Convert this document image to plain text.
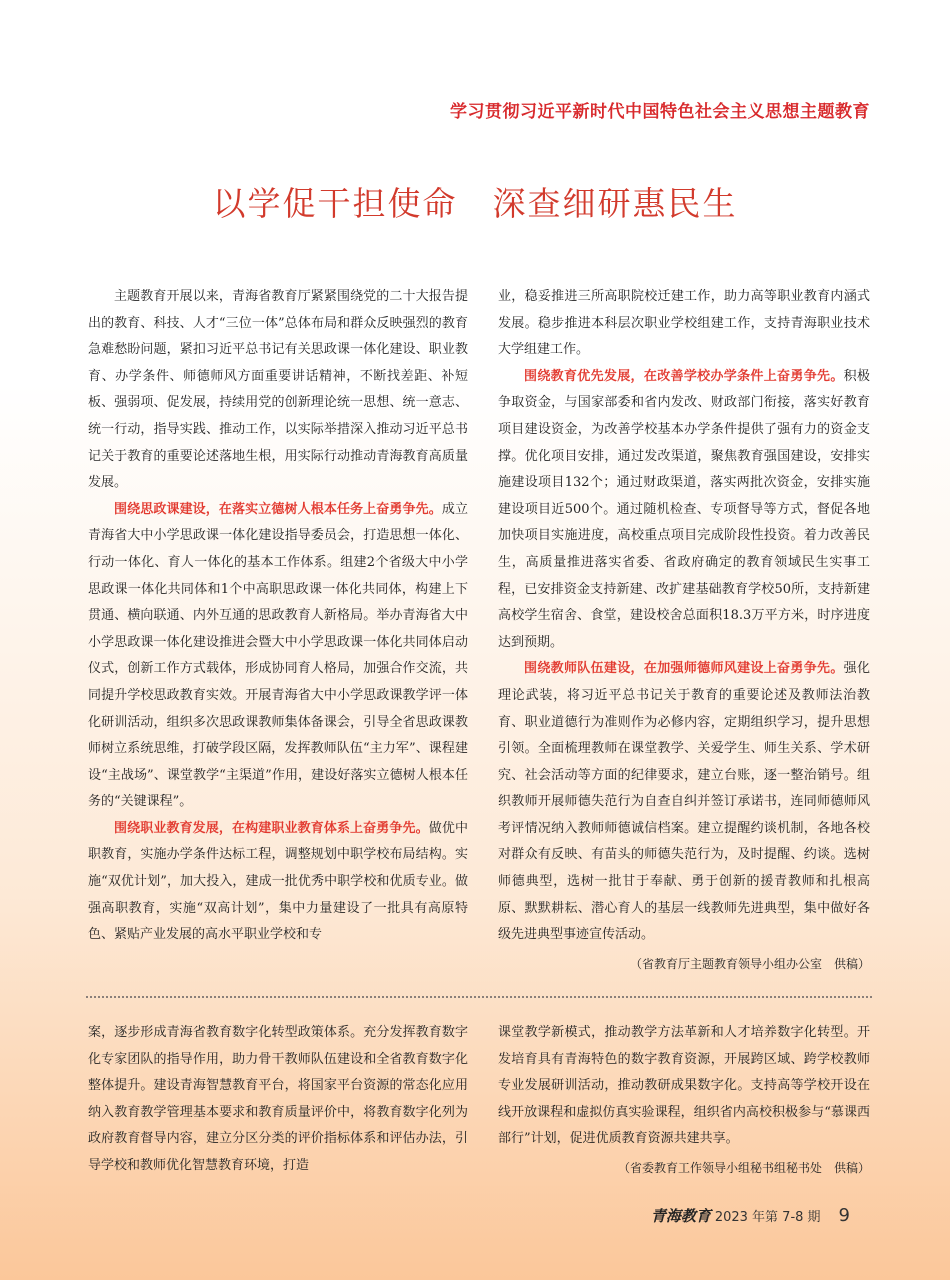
学习贯彻习近平新时代中国特色社会主义思想主题教育
以学促干担使命　深查细研惠民生

主题教育开展以来，青海省教育厅紧紧围绕党的二十大报告提出的教育、科技、人才“三位一体”总体布局和群众反映强烈的教育急难愁盼问题，紧扣习近平总书记有关思政课一体化建设、职业教育、办学条件、师德师风方面重要讲话精神，不断找差距、补短板、强弱项、促发展，持续用党的创新理论统一思想、统一意志、统一行动，指导实践、推动工作，以实际举措深入推动习近平总书记关于教育的重要论述落地生根，用实际行动推动青海教育高质量发展。

围绕思政课建设，在落实立德树人根本任务上奋勇争先。成立青海省大中小学思政课一体化建设指导委员会，打造思想一体化、行动一体化、育人一体化的基本工作体系。组建2个省级大中小学思政课一体化共同体和1个中高职思政课一体化共同体，构建上下贯通、横向联通、内外互通的思政教育人新格局。举办青海省大中小学思政课一体化建设推进会暨大中小学思政课一体化共同体启动仪式，创新工作方式载体，形成协同育人格局，加强合作交流，共同提升学校思政教育实效。开展青海省大中小学思政课教学评一体化研训活动，组织多次思政课教师集体备课会，引导全省思政课教师树立系统思维，打破学段区隔，发挥教师队伍“主力军”、课程建设“主战场”、课堂教学“主渠道”作用，建设好落实立德树人根本任务的“关键课程”。

围绕职业教育发展，在构建职业教育体系上奋勇争先。做优中职教育，实施办学条件达标工程，调整规划中职学校布局结构。实施“双优计划”，加大投入，建成一批优秀中职学校和优质专业。做强高职教育，实施“双高计划”，集中力量建设了一批具有高原特色、紧贴产业发展的高水平职业学校和专

业，稳妥推进三所高职院校迁建工作，助力高等职业教育内涵式发展。稳步推进本科层次职业学校组建工作，支持青海职业技术大学组建工作。

围绕教育优先发展，在改善学校办学条件上奋勇争先。积极争取资金，与国家部委和省内发改、财政部门衔接，落实好教育项目建设资金，为改善学校基本办学条件提供了强有力的资金支撑。优化项目安排，通过发改渠道，聚焦教育强国建设，安排实施建设项目132个；通过财政渠道，落实两批次资金，安排实施建设项目近500个。通过随机检查、专项督导等方式，督促各地加快项目实施进度，高校重点项目完成阶段性投资。着力改善民生，高质量推进落实省委、省政府确定的教育领域民生实事工程，已安排资金支持新建、改扩建基础教育学校50所，支持新建高校学生宿舍、食堂，建设校舍总面积18.3万平方米，时序进度达到预期。

围绕教师队伍建设，在加强师德师风建设上奋勇争先。强化理论武装，将习近平总书记关于教育的重要论述及教师法治教育、职业道德行为准则作为必修内容，定期组织学习，提升思想引领。全面梳理教师在课堂教学、关爱学生、师生关系、学术研究、社会活动等方面的纪律要求，建立台账，逐一整治销号。组织教师开展师德失范行为自查自纠并签订承诺书，连同师德师风考评情况纳入教师师德诚信档案。建立提醒约谈机制，各地各校对群众有反映、有苗头的师德失范行为，及时提醒、约谈。选树师德典型，选树一批甘于奉献、勇于创新的援青教师和扎根高原、默默耕耘、潜心育人的基层一线教师先进典型，集中做好各级先进典型事迹宣传活动。

（省教育厅主题教育领导小组办公室　供稿）

案，逐步形成青海省教育数字化转型政策体系。充分发挥教育数字化专家团队的指导作用，助力骨干教师队伍建设和全省教育数字化整体提升。建设青海智慧教育平台，将国家平台资源的常态化应用纳入教育教学管理基本要求和教育质量评价中，将教育数字化列为政府教育督导内容，建立分区分类的评价指标体系和评估办法，引导学校和教师优化智慧教育环境，打造

课堂教学新模式，推动教学方法革新和人才培养数字化转型。开发培育具有青海特色的数字教育资源，开展跨区域、跨学校教师专业发展研训活动，推动教研成果数字化。支持高等学校开设在线开放课程和虚拟仿真实验课程，组织省内高校积极参与“慕课西部行”计划，促进优质教育资源共建共享。

（省委教育工作领导小组秘书组秘书处　供稿）
青海教育 2023 年第 7-8 期 9
